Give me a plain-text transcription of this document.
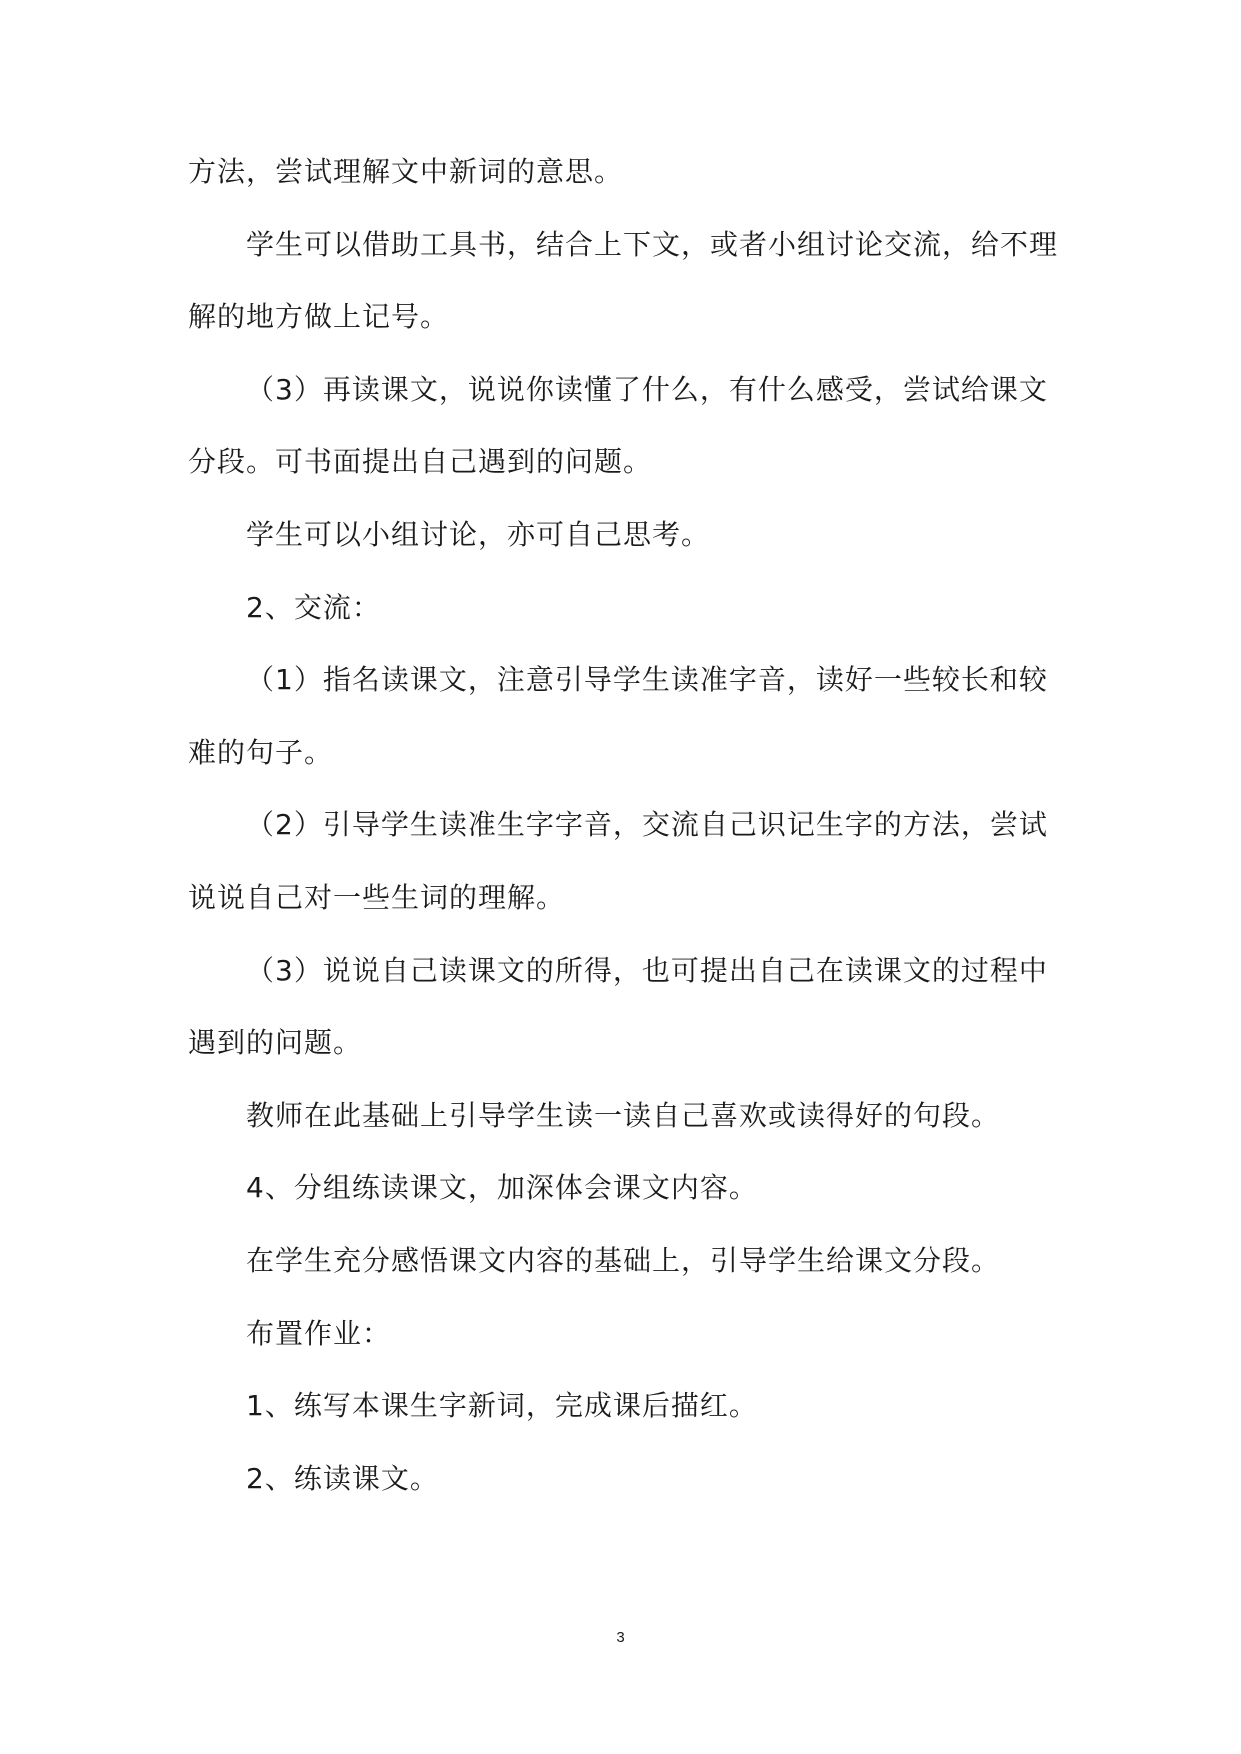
方法，尝试理解文中新词的意思。

学生可以借助工具书，结合上下文，或者小组讨论交流，给不理

解的地方做上记号。

（3）再读课文，说说你读懂了什么，有什么感受，尝试给课文

分段。可书面提出自己遇到的问题。

学生可以小组讨论，亦可自己思考。

2、交流：

（1）指名读课文，注意引导学生读准字音，读好一些较长和较

难的句子。

（2）引导学生读准生字字音，交流自己识记生字的方法，尝试

说说自己对一些生词的理解。

（3）说说自己读课文的所得，也可提出自己在读课文的过程中

遇到的问题。

教师在此基础上引导学生读一读自己喜欢或读得好的句段。

4、分组练读课文，加深体会课文内容。

在学生充分感悟课文内容的基础上，引导学生给课文分段。

布置作业：

1、练写本课生字新词，完成课后描红。

2、练读课文。

3
